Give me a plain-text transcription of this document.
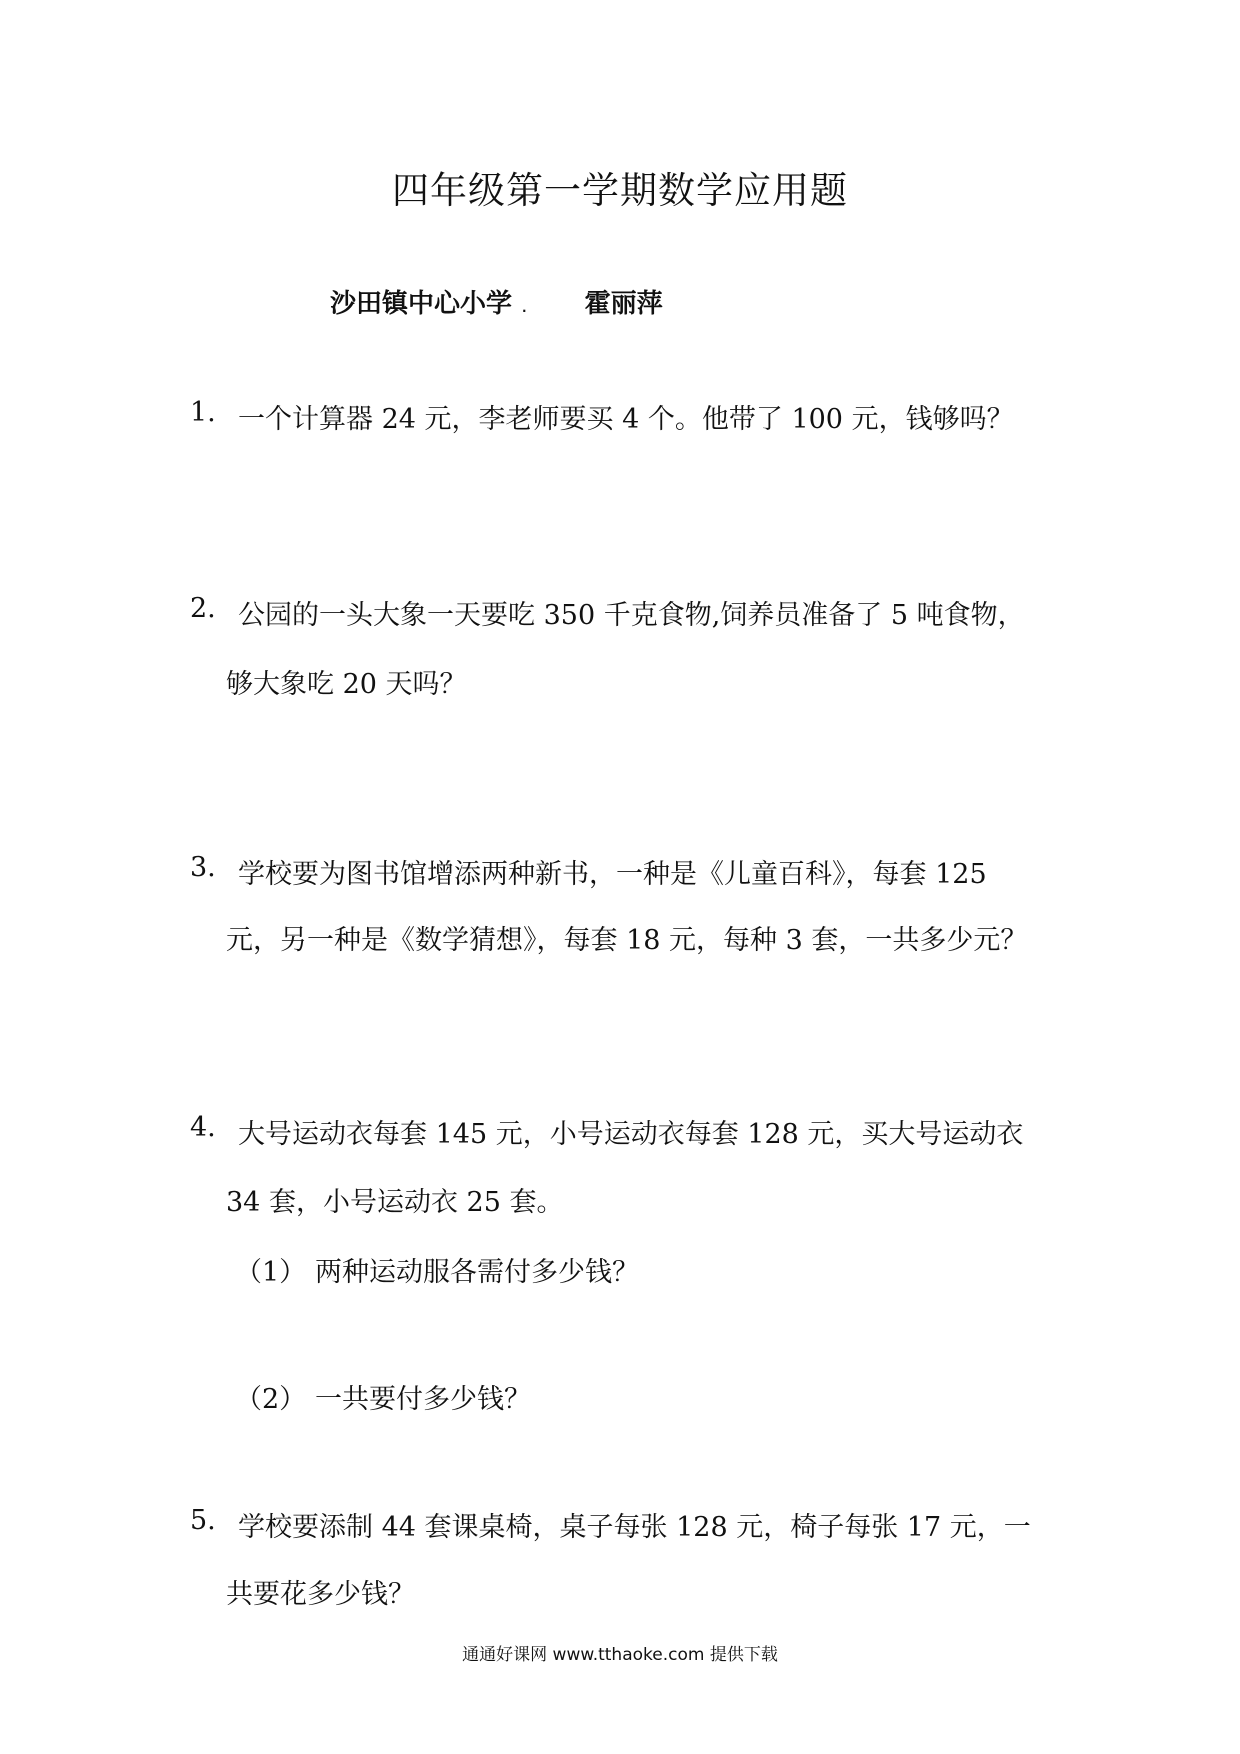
四年级第一学期数学应用题
沙田镇中心小学 . 霍丽萍
1. 一个计算器 24 元，李老师要买 4 个。他带了 100 元，钱够吗？
2. 公园的一头大象一天要吃 350 千克食物,饲养员准备了 5 吨食物，
够大象吃 20 天吗？
3. 学校要为图书馆增添两种新书，一种是《儿童百科》，每套 125
元，另一种是《数学猜想》，每套 18 元，每种 3 套，一共多少元？
4. 大号运动衣每套 145 元，小号运动衣每套 128 元，买大号运动衣
34 套，小号运动衣 25 套。
（1） 两种运动服各需付多少钱？
（2） 一共要付多少钱？
5. 学校要添制 44 套课桌椅，桌子每张 128 元，椅子每张 17 元，一
共要花多少钱？
通通好课网 www.tthaoke.com 提供下载
